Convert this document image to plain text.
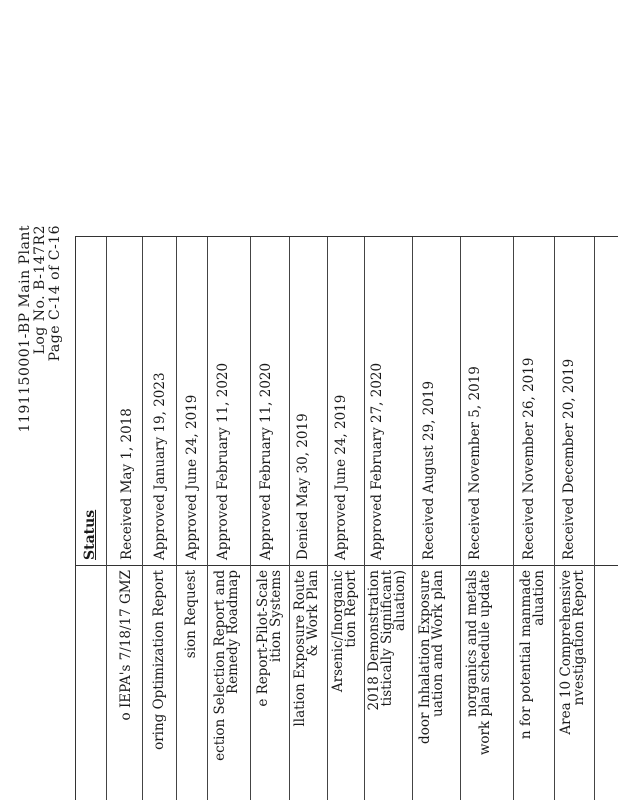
1191150001-BP Main Plant Log No. B-147R2 Page C-14 of C-16
Status
o IEPA's 7/18/17 GMZ
Received May 1, 2018
oring Optimization Report
Approved January 19, 2023
sion Request
Approved June 24, 2019
ection Selection Report and
Remedy Roadmap
Approved February 11, 2020
e Report-Pilot-Scale
ition Systems
Approved February 11, 2020
llation Exposure Route
& Work Plan
Denied May 30, 2019
Arsenic/Inorganic
tion Report
Approved June 24, 2019
2018 Demonstration
tistically Significant
aluation)
Approved February 27, 2020
door Inhalation Exposure
uation and Work plan
Received August 29, 2019
norganics and metals
work plan schedule update
Received November 5, 2019
n for potential manmade
aluation
Received November 26, 2019
Area 10 Comprehensive
nvestigation Report
Received December 20, 2019
